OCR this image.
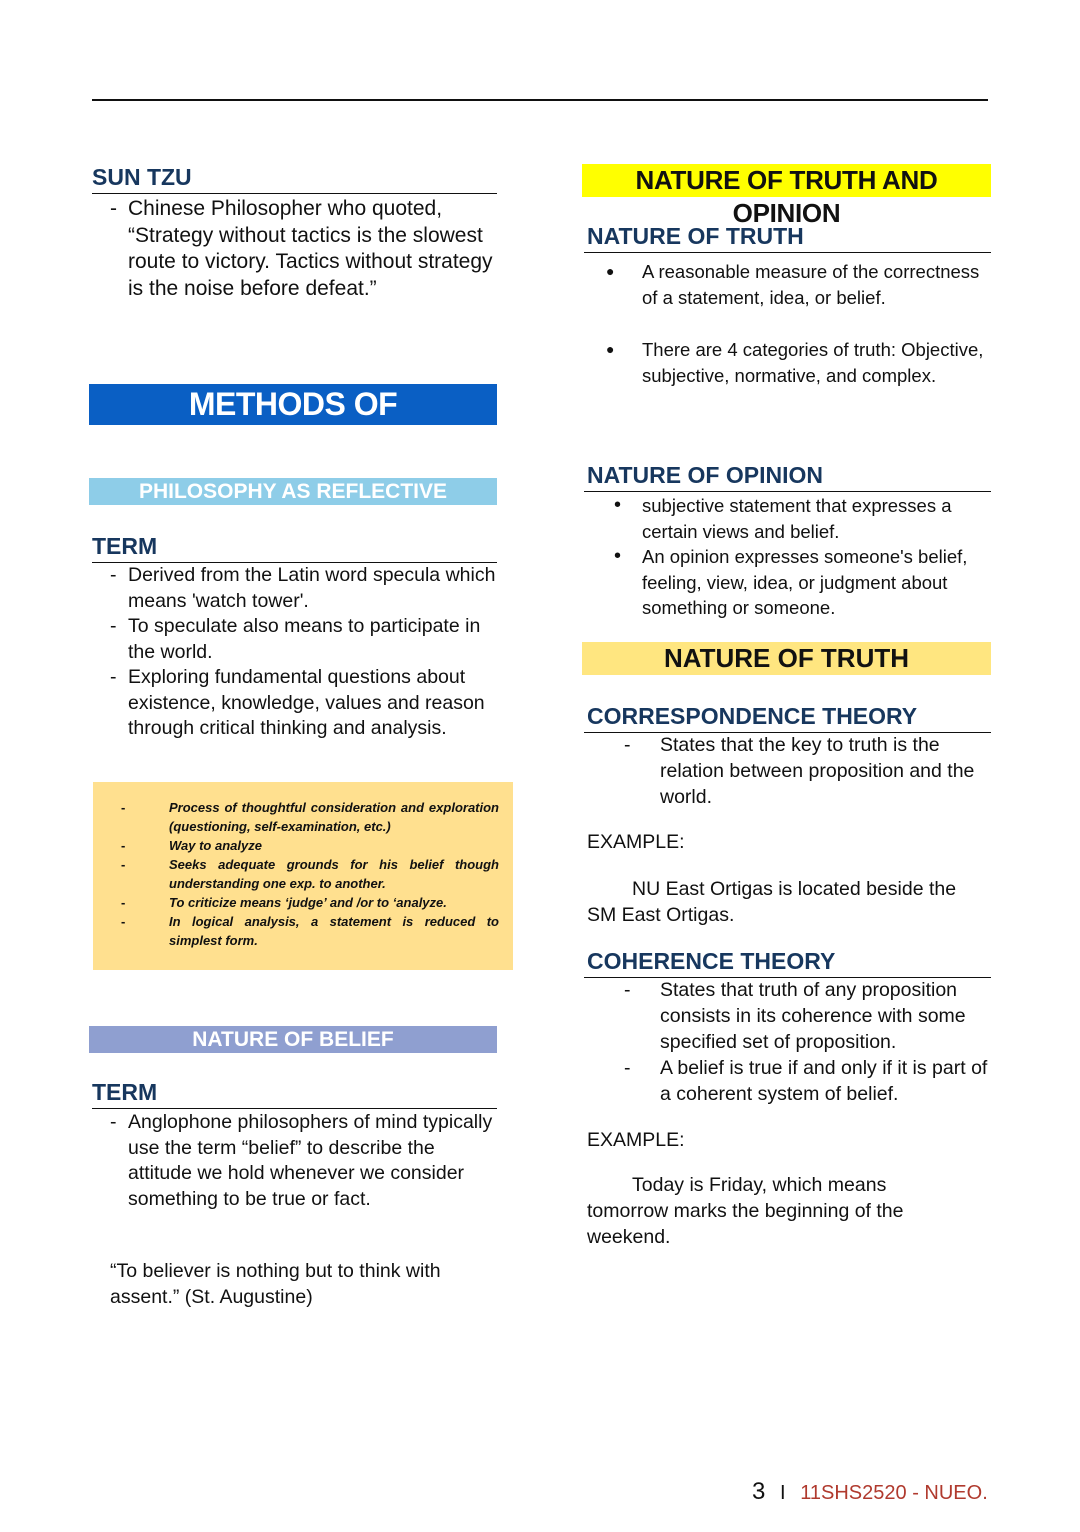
SUN TZU
- Chinese Philosopher who quoted, “Strategy without tactics is the slowest route to victory. Tactics without strategy is the noise before defeat.”
METHODS OF PHILOSOPHY
PHILOSOPHY AS REFLECTIVE
TERM
- Derived from the Latin word specula which means 'watch tower'.
- To speculate also means to participate in the world.
- Exploring fundamental questions about existence, knowledge, values and reason through critical thinking and analysis.
- Process of thoughtful consideration and exploration (questioning, self-examination, etc.)
- Way to analyze
- Seeks adequate grounds for his belief though understanding one exp. to another.
- To criticize means ‘judge’ and /or to ‘analyze.
- In logical analysis, a statement is reduced to simplest form.
NATURE OF BELIEF
TERM
- Anglophone philosophers of mind typically use the term “belief” to describe the attitude we hold whenever we consider something to be true or fact.
“To believer is nothing but to think with assent.” (St. Augustine)
NATURE OF TRUTH AND OPINION
NATURE OF TRUTH
● A reasonable measure of the correctness of a statement, idea, or belief.
● There are 4 categories of truth: Objective, subjective, normative, and complex.
NATURE OF OPINION
• subjective statement that expresses a certain views and belief.
• An opinion expresses someone's belief, feeling, view, idea, or judgment about something or someone.
NATURE OF TRUTH
CORRESPONDENCE THEORY
- States that the key to truth is the relation between proposition and the world.
EXAMPLE:
NU East Ortigas is located beside the SM East Ortigas.
COHERENCE THEORY
- States that truth of any proposition consists in its coherence with some specified set of proposition.
- A belief is true if and only if it is part of a coherent system of belief.
EXAMPLE:
Today is Friday, which means tomorrow marks the beginning of the weekend.
3 I 11SHS2520 - NUEO.
